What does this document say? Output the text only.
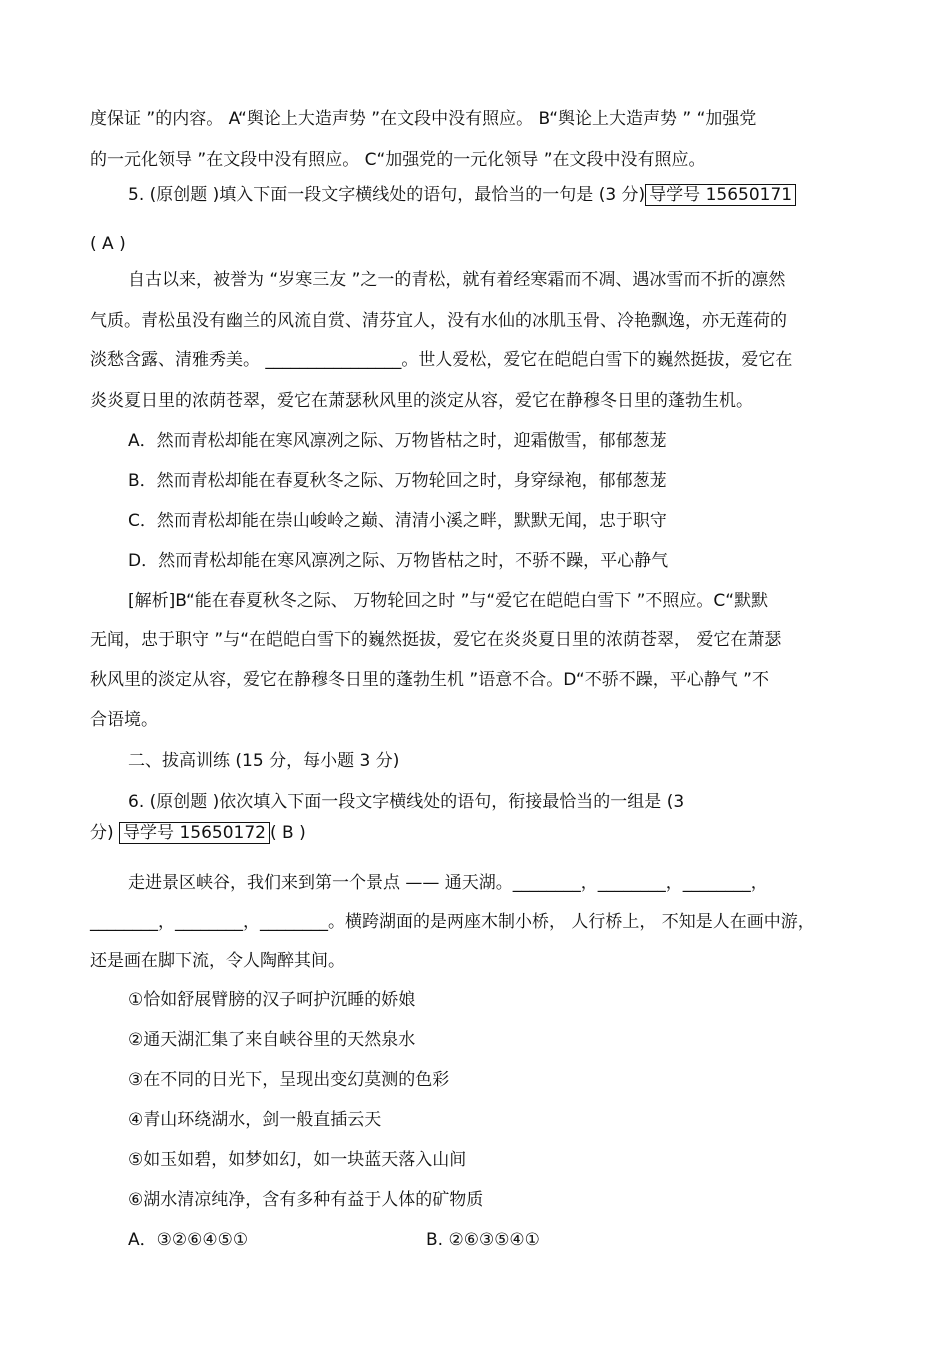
度保证 ”的内容。 A“舆论上大造声势 ”在文段中没有照应。 B“舆论上大造声势 ” “加强党
的一元化领导 ”在文段中没有照应。 C“加强党的一元化领导 ”在文段中没有照应。
5. (原创题 )填入下面一段文字横线处的语句，最恰当的一句是 (3 分) 导学号 15650171
( A )
自古以来，被誉为 “岁寒三友 ”之一的青松，就有着经寒霜而不凋、遇冰雪而不折的凛然
气质。青松虽没有幽兰的风流自赏、清芬宜人，没有水仙的冰肌玉骨、冷艳飘逸，亦无莲荷的
淡愁含露、清雅秀美。 ________________。世人爱松，爱它在皑皑白雪下的巍然挺拔，爱它在
炎炎夏日里的浓荫苍翠，爱它在萧瑟秋风里的淡定从容，爱它在静穆冬日里的蓬勃生机。
A．然而青松却能在寒风凛冽之际、万物皆枯之时，迎霜傲雪，郁郁葱茏
B．然而青松却能在春夏秋冬之际、万物轮回之时，身穿绿袍，郁郁葱茏
C．然而青松却能在崇山峻岭之巅、清清小溪之畔，默默无闻，忠于职守
D．然而青松却能在寒风凛冽之际、万物皆枯之时，不骄不躁，平心静气
[解析]B“能在春夏秋冬之际、 万物轮回之时 ”与“爱它在皑皑白雪下 ”不照应。C“默默
无闻，忠于职守 ”与“在皑皑白雪下的巍然挺拔，爱它在炎炎夏日里的浓荫苍翠， 爱它在萧瑟
秋风里的淡定从容，爱它在静穆冬日里的蓬勃生机 ”语意不合。D“不骄不躁，平心静气 ”不
合语境。
二、拔高训练 (15 分，每小题 3 分)
6. (原创题 )依次填入下面一段文字横线处的语句，衔接最恰当的一组是 (3
分) 导学号 15650172 ( B )
走进景区峡谷，我们来到第一个景点 —— 通天湖。________，________，________，
________，________，________。横跨湖面的是两座木制小桥， 人行桥上， 不知是人在画中游，
还是画在脚下流，令人陶醉其间。
①恰如舒展臂膀的汉子呵护沉睡的娇娘
②通天湖汇集了来自峡谷里的天然泉水
③在不同的日光下，呈现出变幻莫测的色彩
④青山环绕湖水，剑一般直插云天
⑤如玉如碧，如梦如幻，如一块蓝天落入山间
⑥湖水清凉纯净，含有多种有益于人体的矿物质
A．③②⑥④⑤①	B. ②⑥③⑤④①
